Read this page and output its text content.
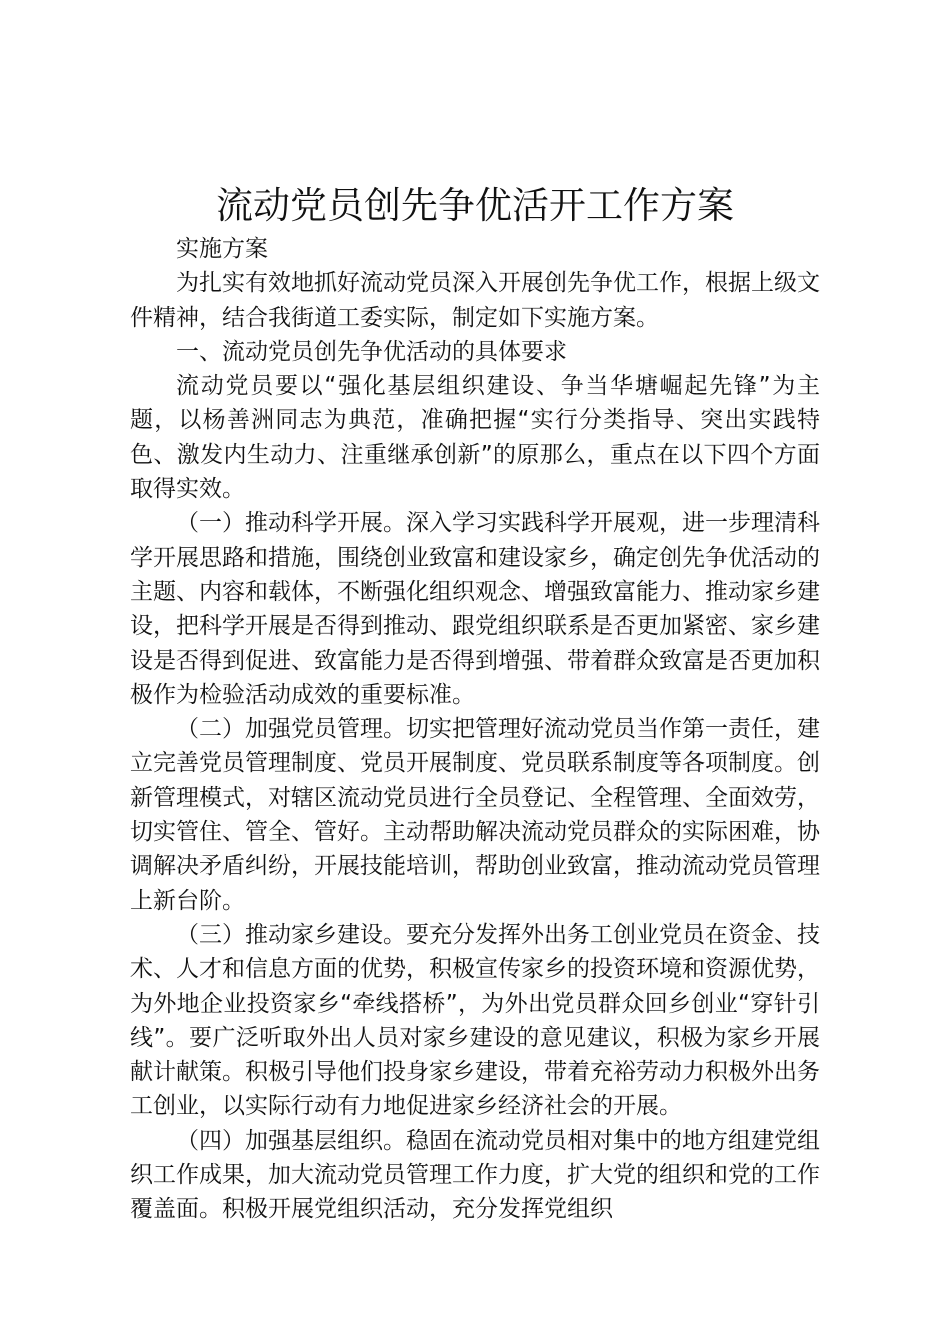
流动党员创先争优活开工作方案

实施方案

为扎实有效地抓好流动党员深入开展创先争优工作，根据上级文件精神，结合我街道工委实际，制定如下实施方案。

一、流动党员创先争优活动的具体要求

流动党员要以“强化基层组织建设、争当华塘崛起先锋”为主题，以杨善洲同志为典范，准确把握“实行分类指导、突出实践特色、激发内生动力、注重继承创新”的原那么，重点在以下四个方面取得实效。

（一）推动科学开展。深入学习实践科学开展观，进一步理清科学开展思路和措施，围绕创业致富和建设家乡，确定创先争优活动的主题、内容和载体，不断强化组织观念、增强致富能力、推动家乡建设，把科学开展是否得到推动、跟党组织联系是否更加紧密、家乡建设是否得到促进、致富能力是否得到增强、带着群众致富是否更加积极作为检验活动成效的重要标准。

（二）加强党员管理。切实把管理好流动党员当作第一责任，建立完善党员管理制度、党员开展制度、党员联系制度等各项制度。创新管理模式，对辖区流动党员进行全员登记、全程管理、全面效劳，切实管住、管全、管好。主动帮助解决流动党员群众的实际困难，协调解决矛盾纠纷，开展技能培训，帮助创业致富，推动流动党员管理上新台阶。

（三）推动家乡建设。要充分发挥外出务工创业党员在资金、技术、人才和信息方面的优势，积极宣传家乡的投资环境和资源优势，为外地企业投资家乡“牵线搭桥”，为外出党员群众回乡创业“穿针引线”。要广泛听取外出人员对家乡建设的意见建议，积极为家乡开展献计献策。积极引导他们投身家乡建设，带着充裕劳动力积极外出务工创业，以实际行动有力地促进家乡经济社会的开展。

（四）加强基层组织。稳固在流动党员相对集中的地方组建党组织工作成果，加大流动党员管理工作力度，扩大党的组织和党的工作覆盖面。积极开展党组织活动，充分发挥党组织
